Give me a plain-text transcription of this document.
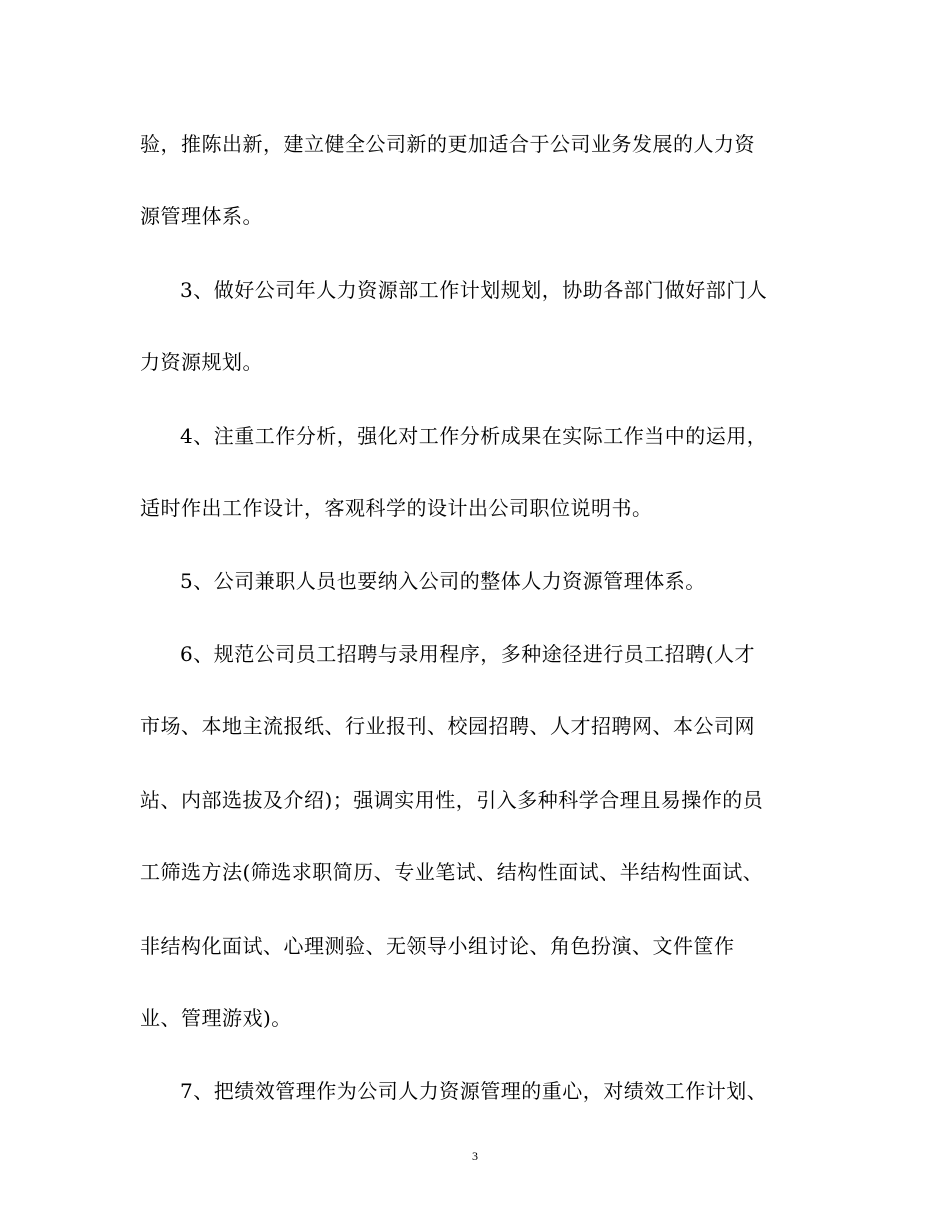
验，推陈出新，建立健全公司新的更加适合于公司业务发展的人力资
源管理体系。
3、做好公司年人力资源部工作计划规划，协助各部门做好部门人
力资源规划。
4、注重工作分析，强化对工作分析成果在实际工作当中的运用，
适时作出工作设计，客观科学的设计出公司职位说明书。
5、公司兼职人员也要纳入公司的整体人力资源管理体系。
6、规范公司员工招聘与录用程序，多种途径进行员工招聘(人才
市场、本地主流报纸、行业报刊、校园招聘、人才招聘网、本公司网
站、内部选拔及介绍)；强调实用性，引入多种科学合理且易操作的员
工筛选方法(筛选求职简历、专业笔试、结构性面试、半结构性面试、
非结构化面试、心理测验、无领导小组讨论、角色扮演、文件筐作
业、管理游戏)。
7、把绩效管理作为公司人力资源管理的重心，对绩效工作计划、
3
